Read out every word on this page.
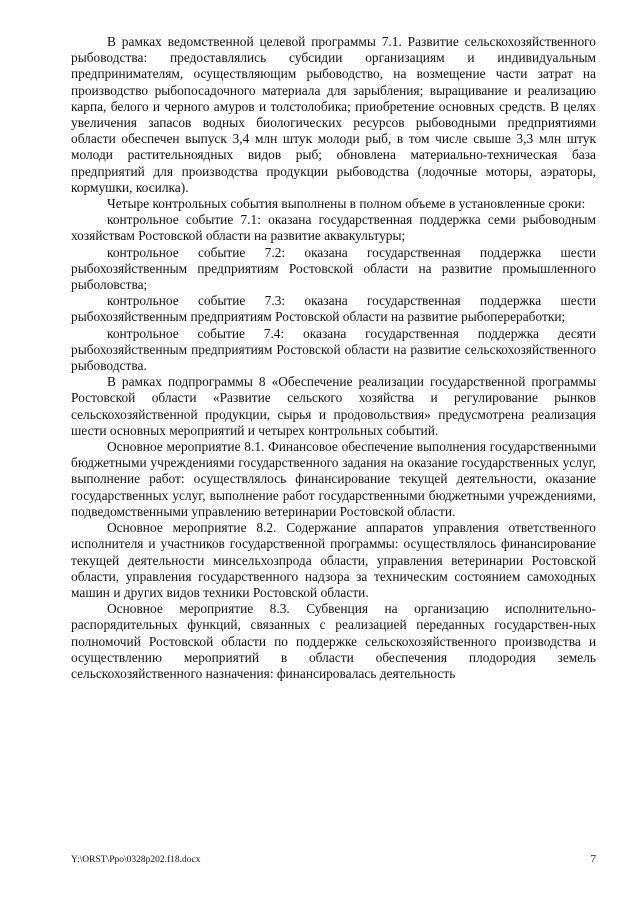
В рамках ведомственной целевой программы 7.1. Развитие сельскохозяйственного рыбоводства: предоставлялись субсидии организациям и индивидуальным предпринимателям, осуществляющим рыбоводство, на возмещение части затрат на производство рыбопосадочного материала для зарыбления; выращивание и реализацию карпа, белого и черного амуров и толстолобика; приобретение основных средств. В целях увеличения запасов водных биологических ресурсов рыбоводными предприятиями области обеспечен выпуск 3,4 млн штук молоди рыб, в том числе свыше 3,3 млн штук молоди растительноядных видов рыб; обновлена материально-техническая база предприятий для производства продукции рыбоводства (лодочные моторы, аэраторы, кормушки, косилка).

Четыре контрольных события выполнены в полном объеме в установленные сроки:

контрольное событие 7.1: оказана государственная поддержка семи рыбоводным хозяйствам Ростовской области на развитие аквакультуры;

контрольное событие 7.2: оказана государственная поддержка шести рыбохозяйственным предприятиям Ростовской области на развитие промышленного рыболовства;

контрольное событие 7.3: оказана государственная поддержка шести рыбохозяйственным предприятиям Ростовской области на развитие рыбопереработки;

контрольное событие 7.4: оказана государственная поддержка десяти рыбохозяйственным предприятиям Ростовской области на развитие сельскохозяйственного рыбоводства.

В рамках подпрограммы 8 «Обеспечение реализации государственной программы Ростовской области «Развитие сельского хозяйства и регулирование рынков сельскохозяйственной продукции, сырья и продовольствия» предусмотрена реализация шести основных мероприятий и четырех контрольных событий.

Основное мероприятие 8.1. Финансовое обеспечение выполнения государственными бюджетными учреждениями государственного задания на оказание государственных услуг, выполнение работ: осуществлялось финансирование текущей деятельности, оказание государственных услуг, выполнение работ государственными бюджетными учреждениями, подведомственными управлению ветеринарии Ростовской области.

Основное мероприятие 8.2. Содержание аппаратов управления ответственного исполнителя и участников государственной программы: осуществлялось финансирование текущей деятельности минсельхозпрода области, управления ветеринарии Ростовской области, управления государственного надзора за техническим состоянием самоходных машин и других видов техники Ростовской области.

Основное мероприятие 8.3. Субвенция на организацию исполнительно-распорядительных функций, связанных с реализацией переданных государствен-ных полномочий Ростовской области по поддержке сельскохозяйственного производства и осуществлению мероприятий в области обеспечения плодородия земель сельскохозяйственного назначения: финансировалась деятельность

Y:\ORST\Ppo\0328p202.f18.docx	7
